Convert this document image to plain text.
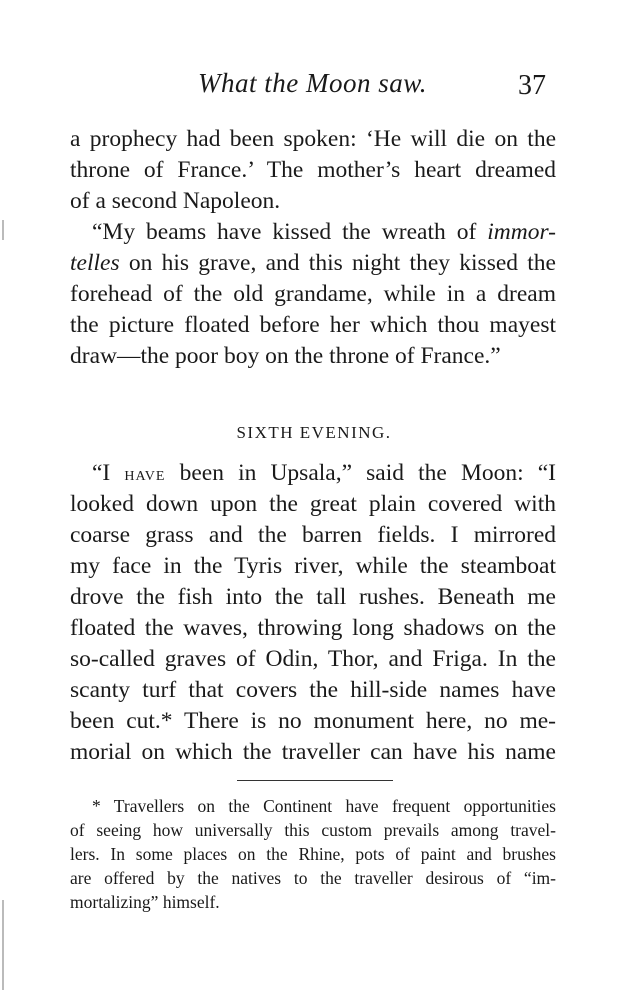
What the Moon saw.	37
a prophecy had been spoken: ‘He will die on the
throne of France.’ The mother’s heart dreamed
of a second Napoleon.
“My beams have kissed the wreath of immor-
telles on his grave, and this night they kissed the
forehead of the old grandame, while in a dream
the picture floated before her which thou mayest
draw—the poor boy on the throne of France.”
SIXTH EVENING.
“I have been in Upsala,” said the Moon: “I
looked down upon the great plain covered with
coarse grass and the barren fields. I mirrored
my face in the Tyris river, while the steamboat
drove the fish into the tall rushes. Beneath me
floated the waves, throwing long shadows on the
so-called graves of Odin, Thor, and Friga. In the
scanty turf that covers the hill-side names have
been cut.* There is no monument here, no me-
morial on which the traveller can have his name
* Travellers on the Continent have frequent opportunities
of seeing how universally this custom prevails among travel-
lers. In some places on the Rhine, pots of paint and brushes
are offered by the natives to the traveller desirous of “im-
mortalizing” himself.
